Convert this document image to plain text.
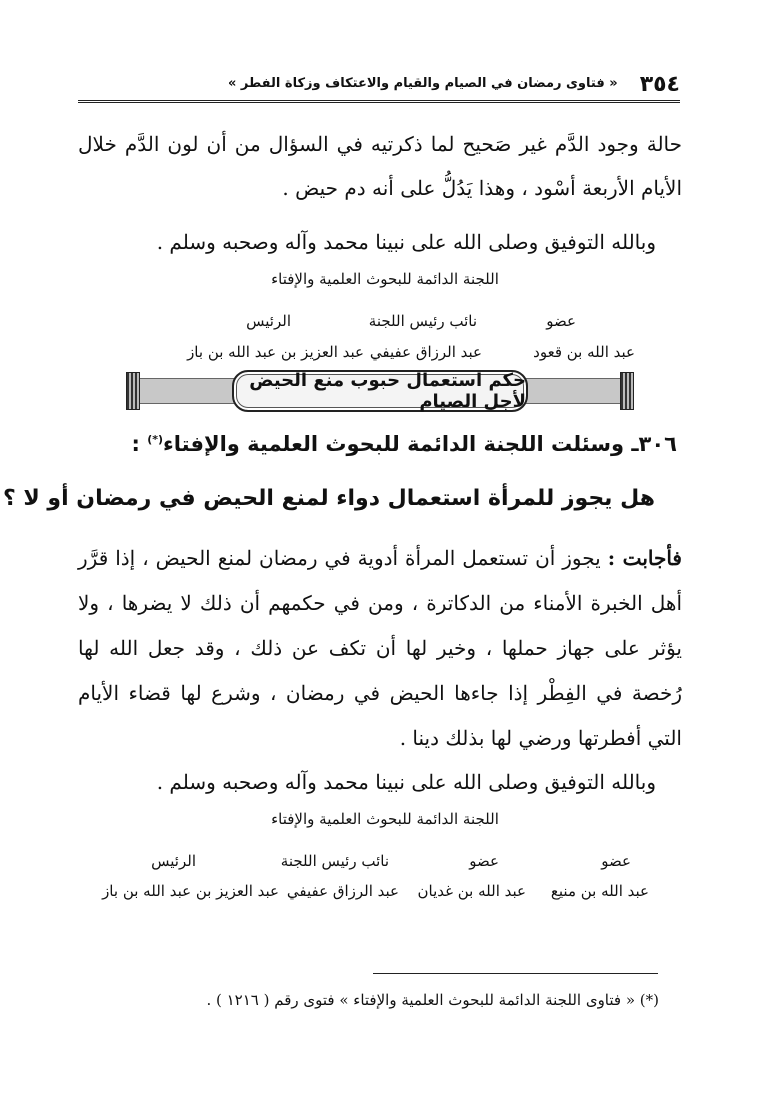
٣٥٤
« فتاوى رمضان في الصيام والقيام والاعتكاف وزكاة الفطر »
حالة وجود الدَّم غير صَحيح لما ذكرتيه في السؤال من أن لون الدَّم خلال الأيام الأربعة أسْود ، وهذا يَدُلُّ على أنه دم حيض .
وبالله التوفيق وصلى الله على نبينا محمد وآله وصحبه وسلم .
اللجنة الدائمة للبحوث العلمية والإفتاء
عضو
نائب رئيس اللجنة
الرئيس
عبد الله بن قعود
عبد الرزاق عفيفي
عبد العزيز بن عبد الله بن باز
حكم استعمال حبوب منع الحيض لأجل الصيام
٣٠٦ـ وسئلت اللجنة الدائمة للبحوث العلمية والإفتاء(*) :
هل يجوز للمرأة استعمال دواء لمنع الحيض في رمضان أو لا ؟
فأجابت : يجوز أن تستعمل المرأة أدوية في رمضان لمنع الحيض ، إذا قرَّر أهل الخبرة الأمناء من الدكاترة ، ومن في حكمهم أن ذلك لا يضرها ، ولا يؤثر على جهاز حملها ، وخير لها أن تكف عن ذلك ، وقد جعل الله لها رُخصة في الفِطْر إذا جاءها الحيض في رمضان ، وشرع لها قضاء الأيام التي أفطرتها ورضي لها بذلك دينا .
وبالله التوفيق وصلى الله على نبينا محمد وآله وصحبه وسلم .
اللجنة الدائمة للبحوث العلمية والإفتاء
عضو
عضو
نائب رئيس اللجنة
الرئيس
عبد الله بن منيع
عبد الله بن غديان
عبد الرزاق عفيفي
عبد العزيز بن عبد الله بن باز
(*) « فتاوى اللجنة الدائمة للبحوث العلمية والإفتاء » فتوى رقم ( ١٢١٦ ) .
